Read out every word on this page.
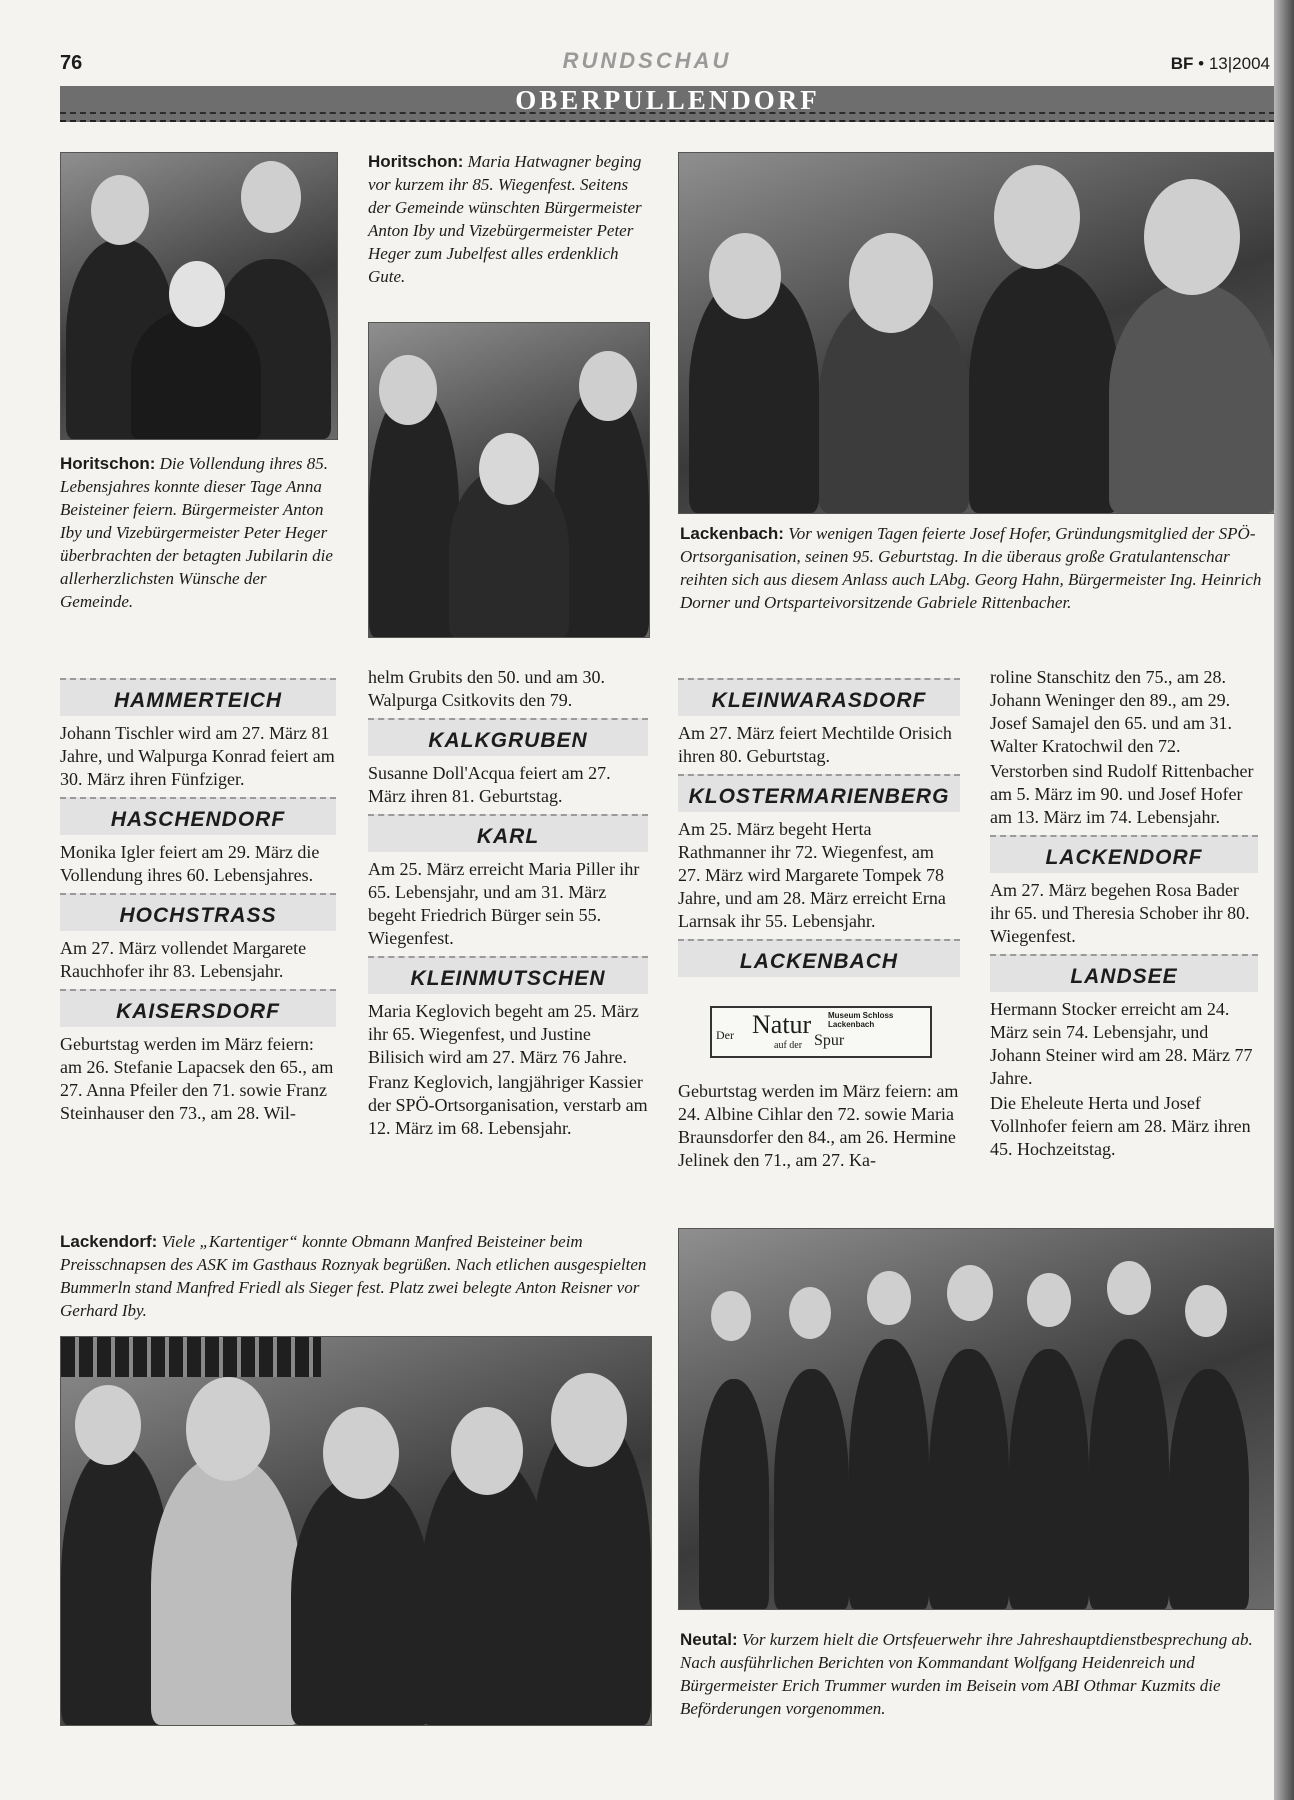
76	RUNDSCHAU	BF • 13|2004
OBERPULLENDORF
Horitschon: Die Vollendung ihres 85. Lebensjahres konnte dieser Tage Anna Beisteiner feiern. Bürgermeister Anton Iby und Vizebürgermeister Peter Heger überbrachten der betagten Jubilarin die allerherzlichsten Wünsche der Gemeinde.
Horitschon: Maria Hatwagner beging vor kurzem ihr 85. Wiegenfest. Seitens der Gemeinde wünschten Bürgermeister Anton Iby und Vizebürgermeister Peter Heger zum Jubelfest alles erdenklich Gute.
Lackenbach: Vor wenigen Tagen feierte Josef Hofer, Gründungsmitglied der SPÖ-Ortsorganisation, seinen 95. Geburtstag. In die überaus große Gratulantenschar reihten sich aus diesem Anlass auch LAbg. Georg Hahn, Bürgermeister Ing. Heinrich Dorner und Ortsparteivorsitzende Gabriele Rittenbacher.
HAMMERTEICH

Johann Tischler wird am 27. März 81 Jahre, und Walpurga Konrad feiert am 30. März ihren Fünfziger.

HASCHENDORF

Monika Igler feiert am 29. März die Vollendung ihres 60. Lebensjahres.

HOCHSTRASS

Am 27. März vollendet Margarete Rauchhofer ihr 83. Lebensjahr.

KAISERSDORF

Geburtstag werden im März feiern: am 26. Stefanie Lapacsek den 65., am 27. Anna Pfeiler den 71. sowie Franz Steinhauser den 73., am 28. Wil-

helm Grubits den 50. und am 30. Walpurga Csitkovits den 79.

KALKGRUBEN

Susanne Doll'Acqua feiert am 27. März ihren 81. Geburtstag.

KARL

Am 25. März erreicht Maria Piller ihr 65. Lebensjahr, und am 31. März begeht Friedrich Bürger sein 55. Wiegenfest.

KLEINMUTSCHEN

Maria Keglovich begeht am 25. März ihr 65. Wiegenfest, und Justine Bilisich wird am 27. März 76 Jahre.

Franz Keglovich, langjähriger Kassier der SPÖ-Ortsorganisation, verstarb am 12. März im 68. Lebensjahr.

KLEINWARASDORF

Am 27. März feiert Mechtilde Orisich ihren 80. Geburtstag.

KLOSTERMARIENBERG

Am 25. März begeht Herta Rathmanner ihr 72. Wiegenfest, am 27. März wird Margarete Tompek 78 Jahre, und am 28. März erreicht Erna Larnsak ihr 55. Lebensjahr.

LACKENBACH
Der Natur
auf der Spur
Museum Schloss Lackenbach

Geburtstag werden im März feiern: am 24. Albine Cihlar den 72. sowie Maria Braunsdorfer den 84., am 26. Hermine Jelinek den 71., am 27. Ka-

roline Stanschitz den 75., am 28. Johann Weninger den 89., am 29. Josef Samajel den 65. und am 31. Walter Kratochwil den 72.

Verstorben sind Rudolf Rittenbacher am 5. März im 90. und Josef Hofer am 13. März im 74. Lebensjahr.

LACKENDORF

Am 27. März begehen Rosa Bader ihr 65. und Theresia Schober ihr 80. Wiegenfest.

LANDSEE

Hermann Stocker erreicht am 24. März sein 74. Lebensjahr, und Johann Steiner wird am 28. März 77 Jahre.

Die Eheleute Herta und Josef Vollnhofer feiern am 28. März ihren 45. Hochzeitstag.

Lackendorf: Viele „Kartentiger“ konnte Obmann Manfred Beisteiner beim Preisschnapsen des ASK im Gasthaus Roznyak begrüßen. Nach etlichen ausgespielten Bummerln stand Manfred Friedl als Sieger fest. Platz zwei belegte Anton Reisner vor Gerhard Iby.
Neutal: Vor kurzem hielt die Ortsfeuerwehr ihre Jahreshauptdienstbesprechung ab. Nach ausführlichen Berichten von Kommandant Wolfgang Heidenreich und Bürgermeister Erich Trummer wurden im Beisein vom ABI Othmar Kuzmits die Beförderungen vorgenommen.
